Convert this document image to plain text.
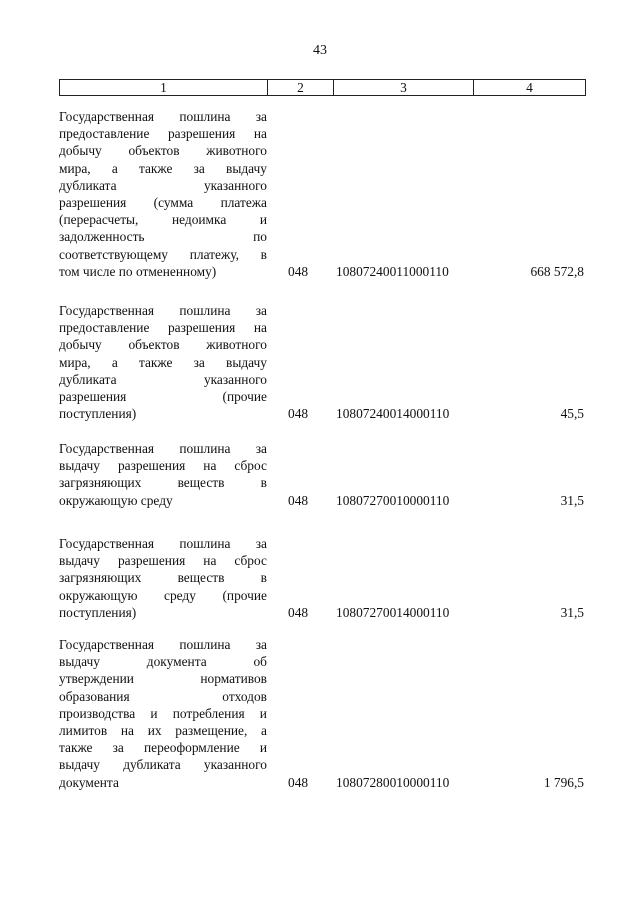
43
1	2	3	4
Государственная пошлина за
предоставление разрешения на
добычу объектов животного
мира, а также за выдачу
дубликата	указанного
разрешения (сумма платежа
(перерасчеты,	недоимка	и
задолженность	по
соответствующему платежу, в
том числе по отмененному)	048 10807240011000110	668 572,8
Государственная пошлина за
предоставление разрешения на
добычу объектов животного
мира, а также за выдачу
дубликата	указанного
разрешения	(прочие
поступления)	048 10807240014000110	45,5
Государственная пошлина за
выдачу разрешения на сброс
загрязняющих	веществ	в
окружающую среду	048 10807270010000110	31,5
Государственная пошлина за
выдачу разрешения на сброс
загрязняющих	веществ	в
окружающую среду (прочие
поступления)	048 10807270014000110	31,5
Государственная пошлина за
выдачу	документа	об
утверждении	нормативов
образования	отходов
производства и потребления и
лимитов на их размещение, а
также за переоформление и
выдачу дубликата указанного
документа	048 10807280010000110	1 796,5
